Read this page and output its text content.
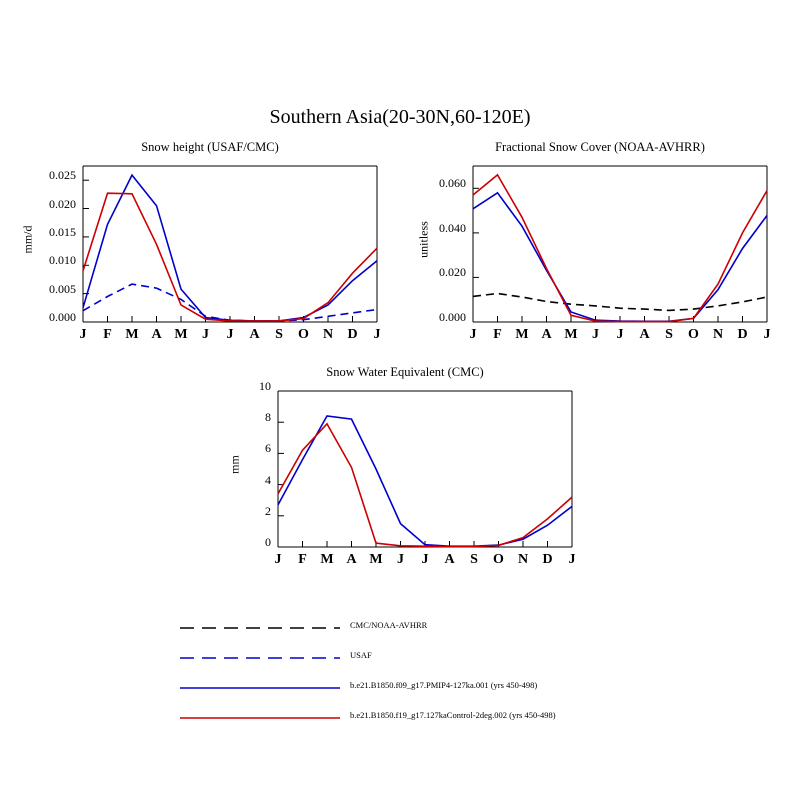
Southern Asia(20-30N,60-120E)
Snow height (USAF/CMC)
mm/d
0.000
0.005
0.010
0.015
0.020
0.025
J	F M A M	J	J	A	S	O	N	D	J
Fractional Snow Cover (NOAA-AVHRR)
unitless
0.000
0.020
0.040
0.060
J	F M A M	J	J	A	S	O	N	D	J
Snow Water Equivalent (CMC)
mm
0
2
4
6
8
10
J	F M A M	J	J	A	S	O	N	D	J
CMC/NOAA-AVHRR
USAF
b.e21.B1850.f09_g17.PMIP4-127ka.001 (yrs 450-498)
b.e21.B1850.f19_g17.127kaControl-2deg.002 (yrs 450-498)
